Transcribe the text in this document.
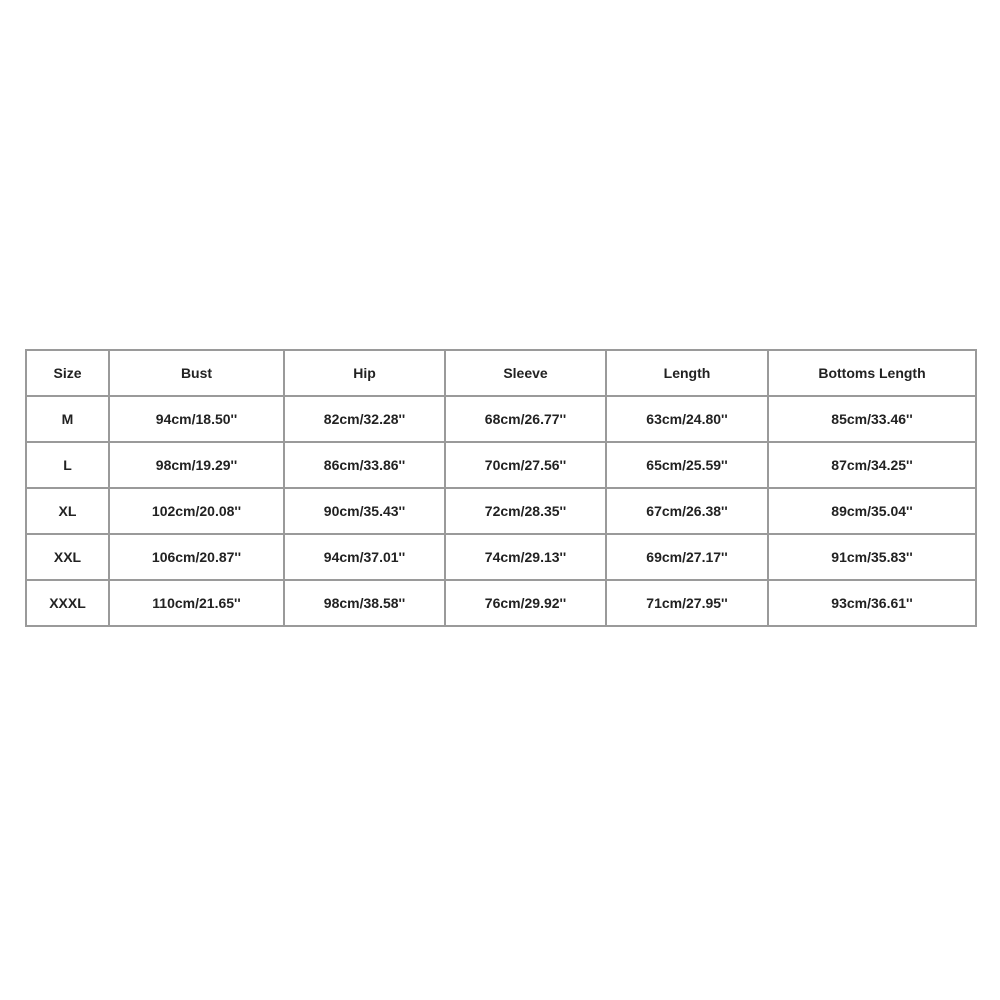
Size	Bust	Hip	Sleeve	Length	Bottoms Length
M	94cm/18.50''	82cm/32.28''	68cm/26.77''	63cm/24.80''	85cm/33.46''
L	98cm/19.29''	86cm/33.86''	70cm/27.56''	65cm/25.59''	87cm/34.25''
XL	102cm/20.08''	90cm/35.43''	72cm/28.35''	67cm/26.38''	89cm/35.04''
XXL	106cm/20.87''	94cm/37.01''	74cm/29.13''	69cm/27.17''	91cm/35.83''
XXXL	110cm/21.65''	98cm/38.58''	76cm/29.92''	71cm/27.95''	93cm/36.61''
